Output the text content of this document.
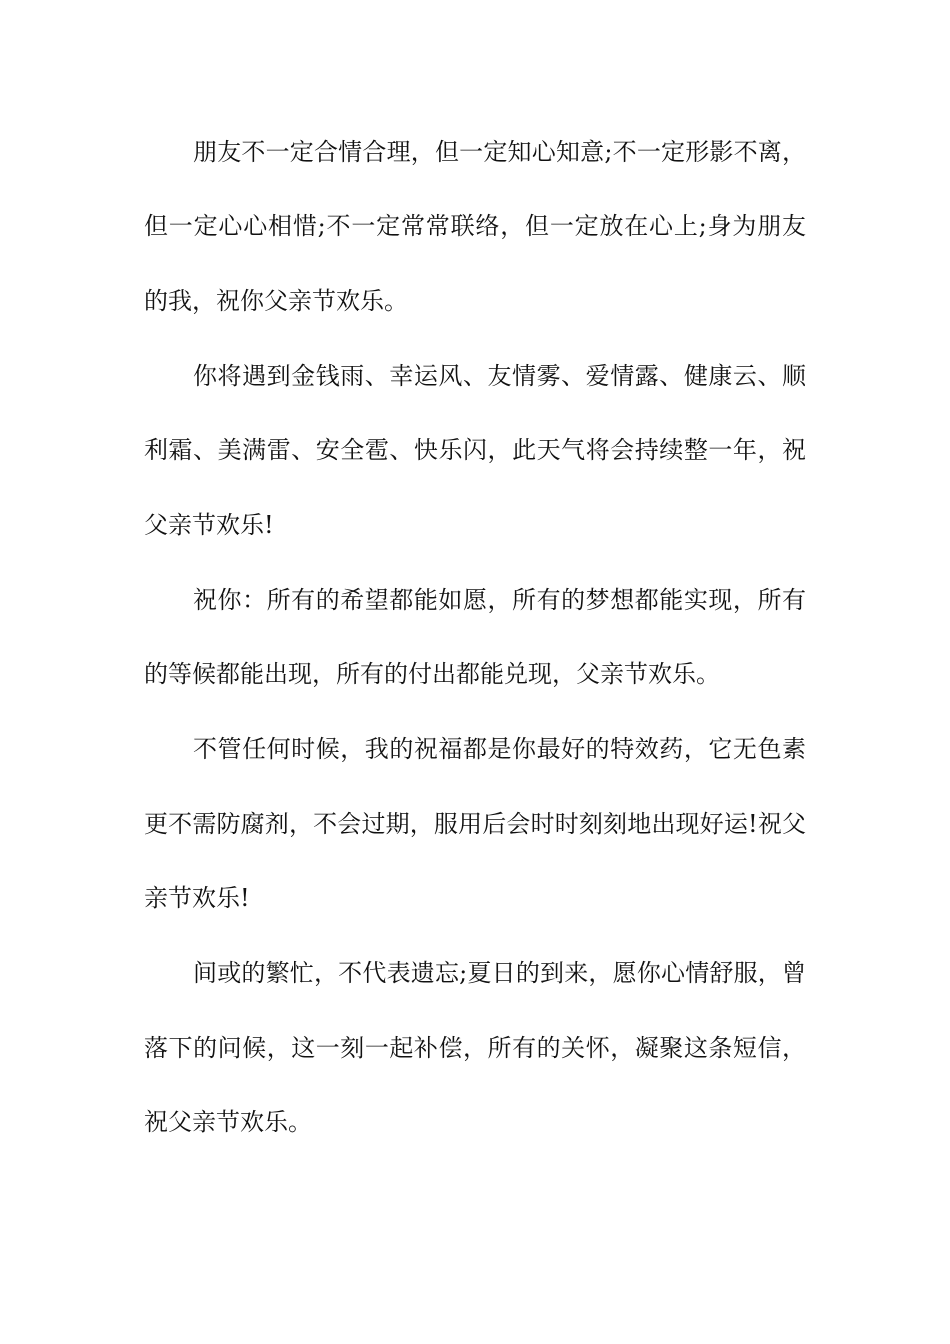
朋友不一定合情合理，但一定知心知意;不一定形影不离，
但一定心心相惜;不一定常常联络，但一定放在心上;身为朋友
的我，祝你父亲节欢乐。
你将遇到金钱雨、幸运风、友情雾、爱情露、健康云、顺
利霜、美满雷、安全雹、快乐闪，此天气将会持续整一年，祝
父亲节欢乐!
祝你：所有的希望都能如愿，所有的梦想都能实现，所有
的等候都能出现，所有的付出都能兑现，父亲节欢乐。
不管任何时候，我的祝福都是你最好的特效药，它无色素
更不需防腐剂，不会过期，服用后会时时刻刻地出现好运!祝父
亲节欢乐!
间或的繁忙，不代表遗忘;夏日的到来，愿你心情舒服，曾
落下的问候，这一刻一起补偿，所有的关怀，凝聚这条短信，
祝父亲节欢乐。
